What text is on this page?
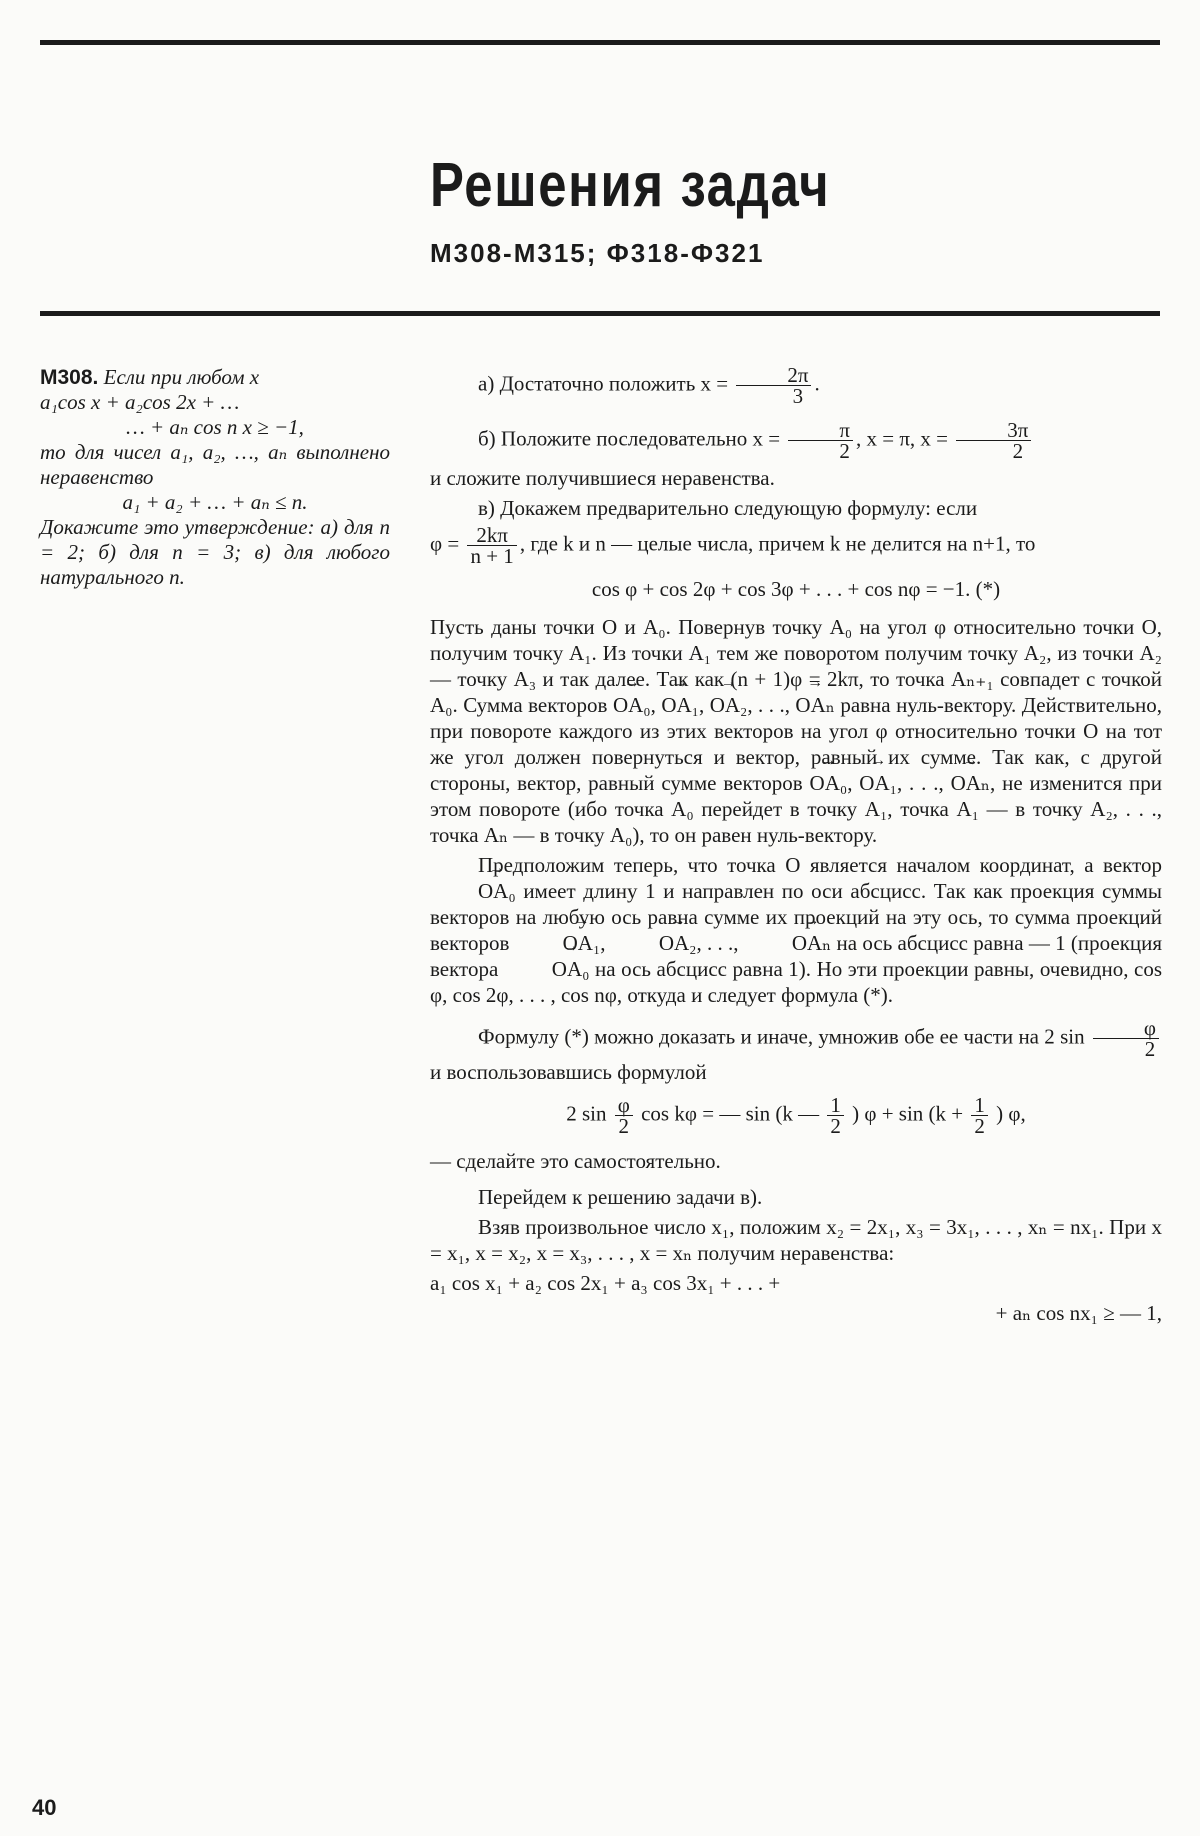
Решения задач
М308-М315; Ф318-Ф321
М308. Если при любом x
a₁cos x + a₂cos 2x + …
… + aₙ cos n x ≥ −1,
то для чисел a₁, a₂, …, aₙ выполнено неравенство
a₁ + a₂ + … + aₙ ≤ n.
Докажите это утверждение: а) для n = 2; б) для n = 3; в) для любого натурального n.

а) Достаточно положить $x = \frac{2\pi}{3}$ .

б) Положите последовательно $x = \frac{\pi}{2}$ , x = π, $x = \frac{3\pi}{2}$

и сложите получившиеся неравенства.

в) Докажем предварительно следующую формулу: если

$\varphi = \frac{2k\pi}{n + 1}$ , где k и n — целые числа, причем k не делится на n+1, то

cos φ + cos 2φ + cos 3φ + . . . + cos nφ = −1. (*)

Пусть даны точки O и A₀. Повернув точку A₀ на угол φ относительно точки O, получим точку A₁. Из точки A₁ тем же поворотом получим точку A₂, из точки A₂ — точку A₃ и так далее. Так как (n + 1)φ = 2kπ, то точка Aₙ₊₁ совпадет с точкой A₀. Сумма векторов → OA₀, → OA₁, → OA₂, . . ., → OAₙ равна нуль-вектору. Действительно, при повороте каждого из этих векторов на угол φ относительно точки O на тот же угол должен повернуться и вектор, равный их сумме. Так как, с другой стороны, вектор, равный сумме векторов → OA₀, → OA₁, . . ., → OAₙ, не изменится при этом повороте (ибо точка A₀ перейдет в точку A₁, точка A₁ — в точку A₂, . . ., точка Aₙ — в точку A₀), то он равен нуль-вектору.

Предположим теперь, что точка O является началом координат, а вектор → OA₀ имеет длину 1 и направлен по оси абсцисс. Так как проекция суммы векторов на любую ось равна сумме их проекций на эту ось, то сумма проекций векторов	→ OA₁, → OA₂, . . ., → OAₙ на ось абсцисс равна — 1 (проекция вектора	→ OA₀ на ось абсцисс равна 1). Но эти проекции равны, очевидно, cos φ, cos 2φ, . . . , cos nφ, откуда и следует формула (*).

Формулу (*) можно доказать и иначе, умножив обе ее части на 2 $\sin \frac{\varphi}{2}$
и воспользовавшись формулой

2 $\sin \frac{\varphi}{2}$ cos kφ = — sin (k — $\frac{1}{2}$ ) $\varphi + \sin (k + \frac{1}{2}$ ) φ,

— сделайте это самостоятельно.

Перейдем к решению задачи в).

Взяв произвольное число x₁, положим x₂ = 2x₁, x₃ = 3x₁, . . . , xₙ = nx₁. При x = x₁, x = x₂, x = x₃, . . . , x = xₙ получим неравенства:

a₁ cos x₁ + a₂ cos 2x₁ + a₃ cos 3x₁ + . . . +

+ aₙ cos nx₁ ≥ — 1,

40
